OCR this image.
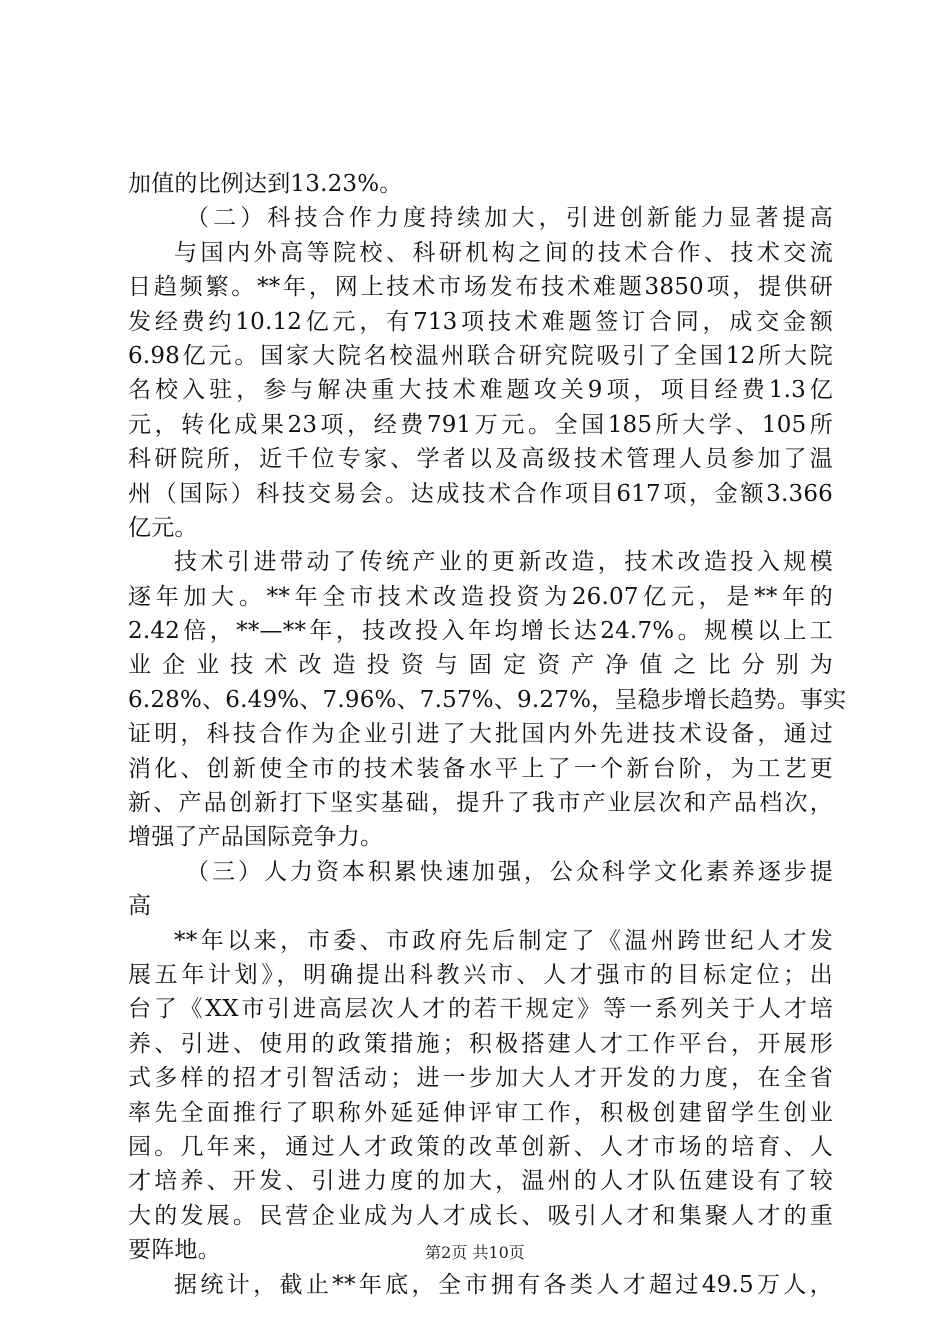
加值的比例达到13.23%。
（二）科技合作力度持续加大，引进创新能力显著提高
与国内外高等院校、科研机构之间的技术合作、技术交流
日趋频繁。**年，网上技术市场发布技术难题3850项，提供研
发经费约10.12亿元，有713项技术难题签订合同，成交金额
6.98亿元。国家大院名校温州联合研究院吸引了全国12所大院
名校入驻，参与解决重大技术难题攻关9项，项目经费1.3亿
元，转化成果23项，经费791万元。全国185所大学、105所
科研院所，近千位专家、学者以及高级技术管理人员参加了温
州（国际）科技交易会。达成技术合作项目617项，金额3.366
亿元。
技术引进带动了传统产业的更新改造，技术改造投入规模
逐年加大。**年全市技术改造投资为26.07亿元，是**年的
2.42倍，**—**年，技改投入年均增长达24.7%。规模以上工
业企业技术改造投资与固定资产净值之比分别为
6.28%、6.49%、7.96%、7.57%、9.27%，呈稳步增长趋势。事实
证明，科技合作为企业引进了大批国内外先进技术设备，通过
消化、创新使全市的技术装备水平上了一个新台阶，为工艺更
新、产品创新打下坚实基础，提升了我市产业层次和产品档次，
增强了产品国际竞争力。
（三）人力资本积累快速加强，公众科学文化素养逐步提
高
**年以来，市委、市政府先后制定了《温州跨世纪人才发
展五年计划》，明确提出科教兴市、人才强市的目标定位；出
台了《XX市引进高层次人才的若干规定》等一系列关于人才培
养、引进、使用的政策措施；积极搭建人才工作平台，开展形
式多样的招才引智活动；进一步加大人才开发的力度，在全省
率先全面推行了职称外延延伸评审工作，积极创建留学生创业
园。几年来，通过人才政策的改革创新、人才市场的培育、人
才培养、开发、引进力度的加大，温州的人才队伍建设有了较
大的发展。民营企业成为人才成长、吸引人才和集聚人才的重
要阵地。
据统计，截止**年底，全市拥有各类人才超过49.5万人，
第2页 共10页
